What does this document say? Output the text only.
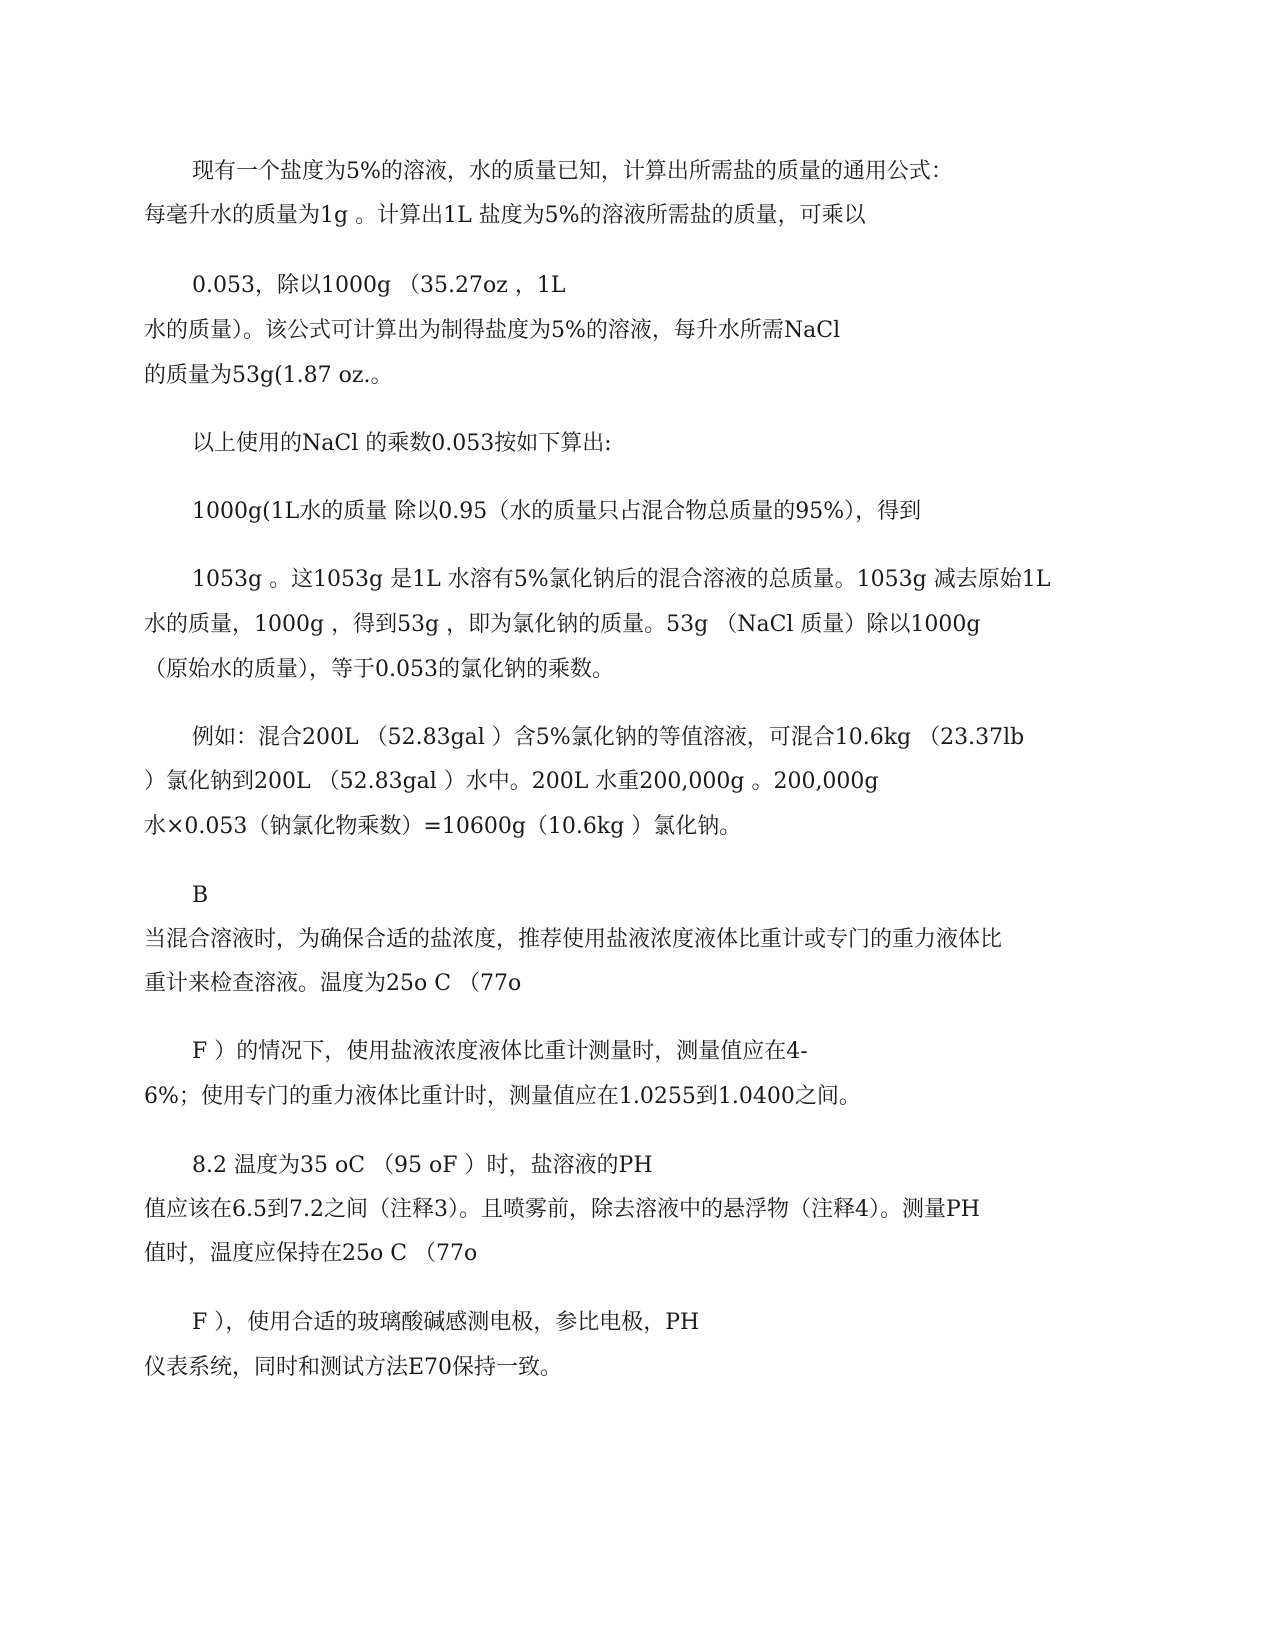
现有一个盐度为5%的溶液，水的质量已知，计算出所需盐的质量的通用公式：
每毫升水的质量为1g 。计算出1L 盐度为5%的溶液所需盐的质量，可乘以
0.053，除以1000g （35.27oz ，1L
水的质量）。该公式可计算出为制得盐度为5%的溶液，每升水所需NaCl
的质量为53g(1.87 oz.。
以上使用的NaCl 的乘数0.053按如下算出:
1000g(1L水的质量 除以0.95（水的质量只占混合物总质量的95%），得到
1053g 。这1053g 是1L 水溶有5%氯化钠后的混合溶液的总质量。1053g 减去原始1L
水的质量，1000g ，得到53g ，即为氯化钠的质量。53g （NaCl 质量）除以1000g
（原始水的质量），等于0.053的氯化钠的乘数。
例如：混合200L （52.83gal ）含5%氯化钠的等值溶液，可混合10.6kg （23.37lb
）氯化钠到200L （52.83gal ）水中。200L 水重200,000g 。200,000g
水×0.053（钠氯化物乘数）=10600g（10.6kg ）氯化钠。
B
当混合溶液时，为确保合适的盐浓度，推荐使用盐液浓度液体比重计或专门的重力液体比
重计来检查溶液。温度为25o C （77o
F ）的情况下，使用盐液浓度液体比重计测量时，测量值应在4-
6%；使用专门的重力液体比重计时，测量值应在1.0255到1.0400之间。
8.2 温度为35 oC （95 oF ）时，盐溶液的PH
值应该在6.5到7.2之间（注释3）。且喷雾前，除去溶液中的悬浮物（注释4）。测量PH
值时，温度应保持在25o C （77o
F ），使用合适的玻璃酸碱感测电极，参比电极，PH
仪表系统，同时和测试方法E70保持一致。
